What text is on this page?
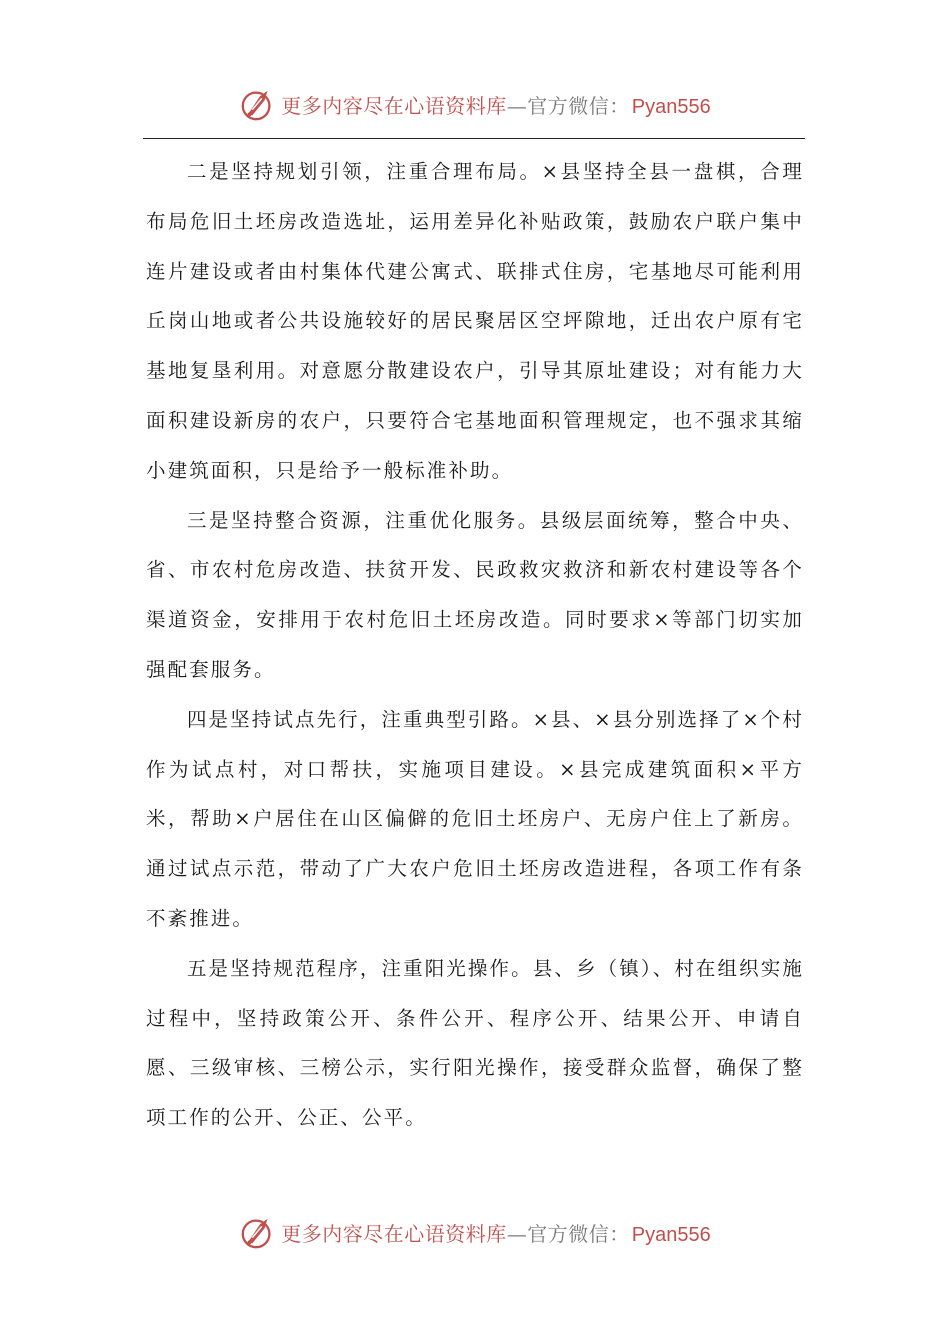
更多内容尽在心语资料库 —官方微信： Pyan556

二是坚持规划引领，注重合理布局。×县坚持全县一盘棋，合理布局危旧土坯房改造选址，运用差异化补贴政策，鼓励农户联户集中连片建设或者由村集体代建公寓式、联排式住房，宅基地尽可能利用丘岗山地或者公共设施较好的居民聚居区空坪隙地，迁出农户原有宅基地复垦利用。对意愿分散建设农户，引导其原址建设；对有能力大面积建设新房的农户，只要符合宅基地面积管理规定，也不强求其缩小建筑面积，只是给予一般标准补助。

三是坚持整合资源，注重优化服务。县级层面统筹，整合中央、省、市农村危房改造、扶贫开发、民政救灾救济和新农村建设等各个渠道资金，安排用于农村危旧土坯房改造。同时要求×等部门切实加强配套服务。

四是坚持试点先行，注重典型引路。×县、×县分别选择了×个村作为试点村，对口帮扶，实施项目建设。×县完成建筑面积×平方米，帮助×户居住在山区偏僻的危旧土坯房户、无房户住上了新房。通过试点示范，带动了广大农户危旧土坯房改造进程，各项工作有条不紊推进。

五是坚持规范程序，注重阳光操作。县、乡（镇）、村在组织实施过程中，坚持政策公开、条件公开、程序公开、结果公开、申请自愿、三级审核、三榜公示，实行阳光操作，接受群众监督，确保了整项工作的公开、公正、公平。

更多内容尽在心语资料库 —官方微信： Pyan556
